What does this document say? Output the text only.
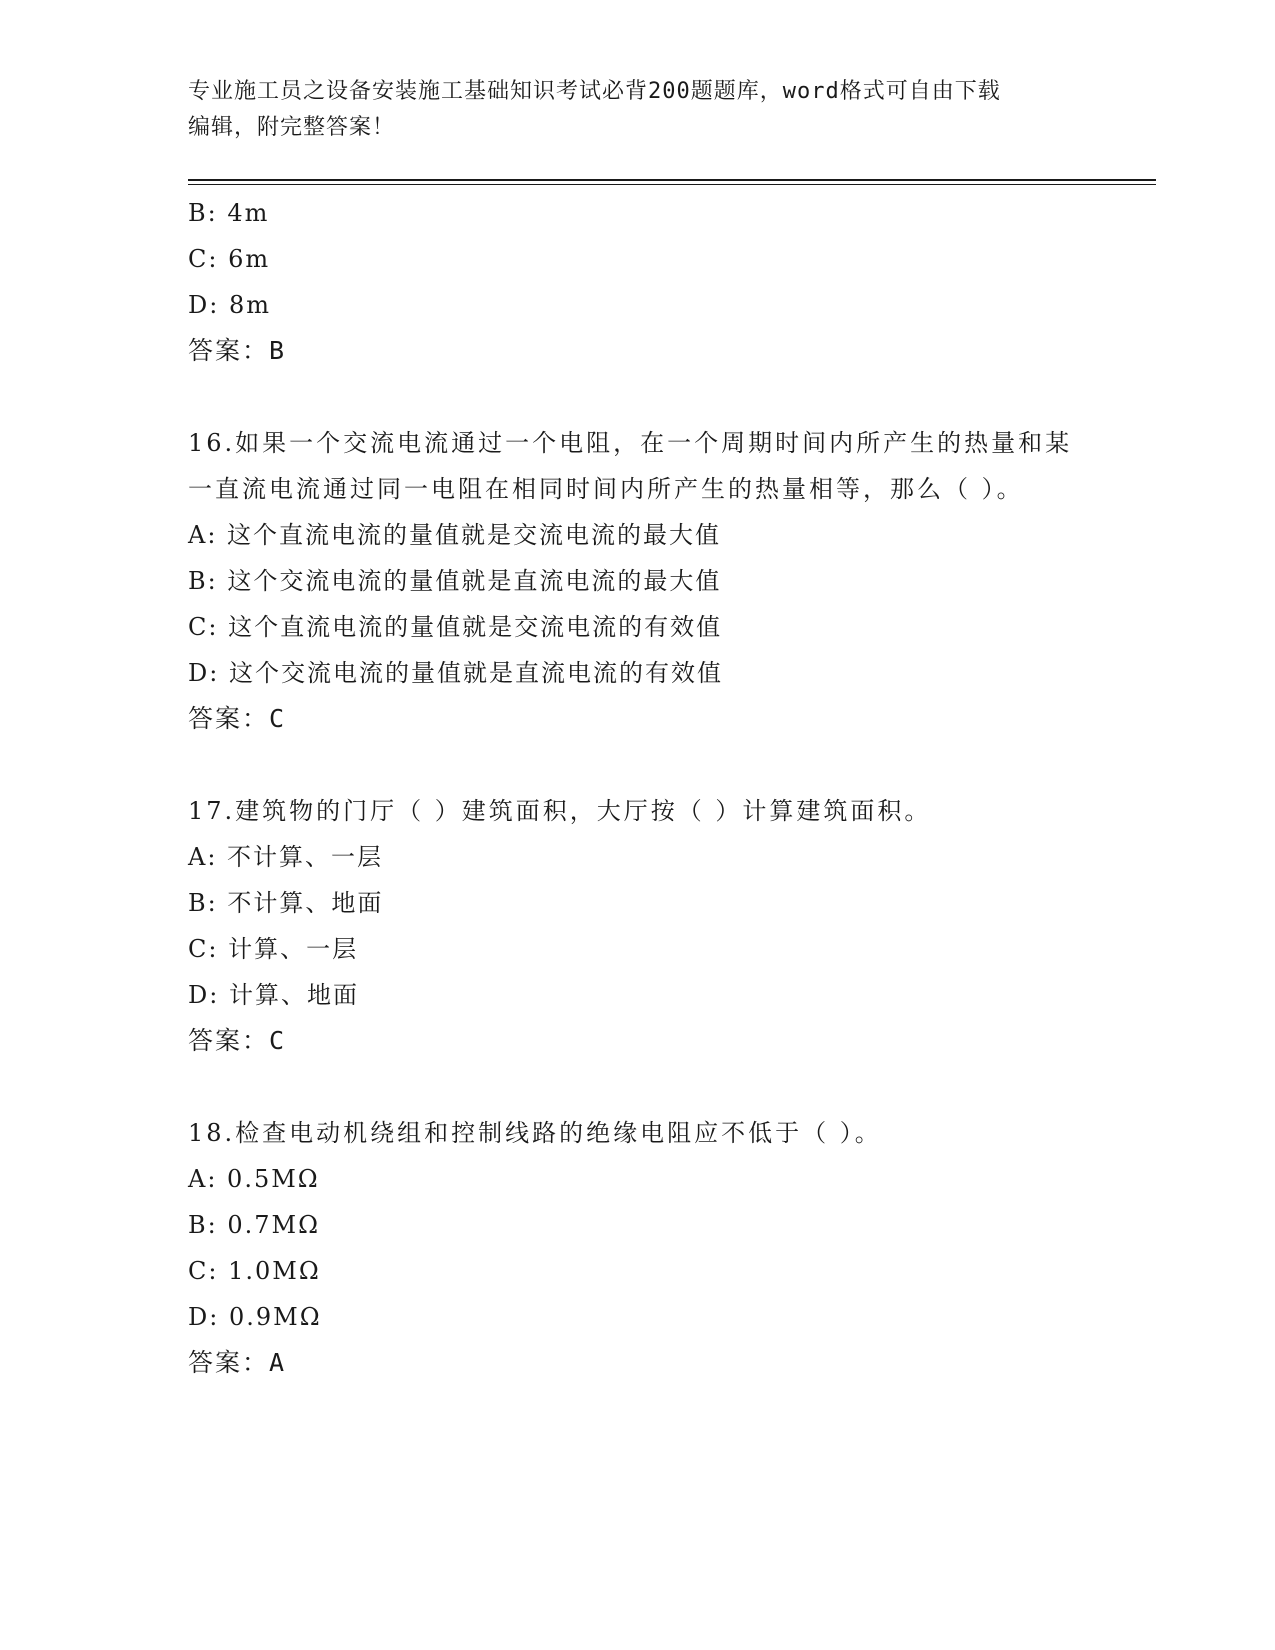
专业施工员之设备安装施工基础知识考试必背200题题库，word格式可自由下载
编辑，附完整答案！
B: 4m
C: 6m
D: 8m
答案：B
16.如果一个交流电流通过一个电阻，在一个周期时间内所产生的热量和某一直流电流通过同一电阻在相同时间内所产生的热量相等，那么（ ）。
A: 这个直流电流的量值就是交流电流的最大值
B: 这个交流电流的量值就是直流电流的最大值
C: 这个直流电流的量值就是交流电流的有效值
D: 这个交流电流的量值就是直流电流的有效值
答案：C
17.建筑物的门厅（ ）建筑面积，大厅按（ ）计算建筑面积。
A: 不计算、一层
B: 不计算、地面
C: 计算、一层
D: 计算、地面
答案：C
18.检查电动机绕组和控制线路的绝缘电阻应不低于（ ）。
A: 0.5MΩ
B: 0.7MΩ
C: 1.0MΩ
D: 0.9MΩ
答案：A
